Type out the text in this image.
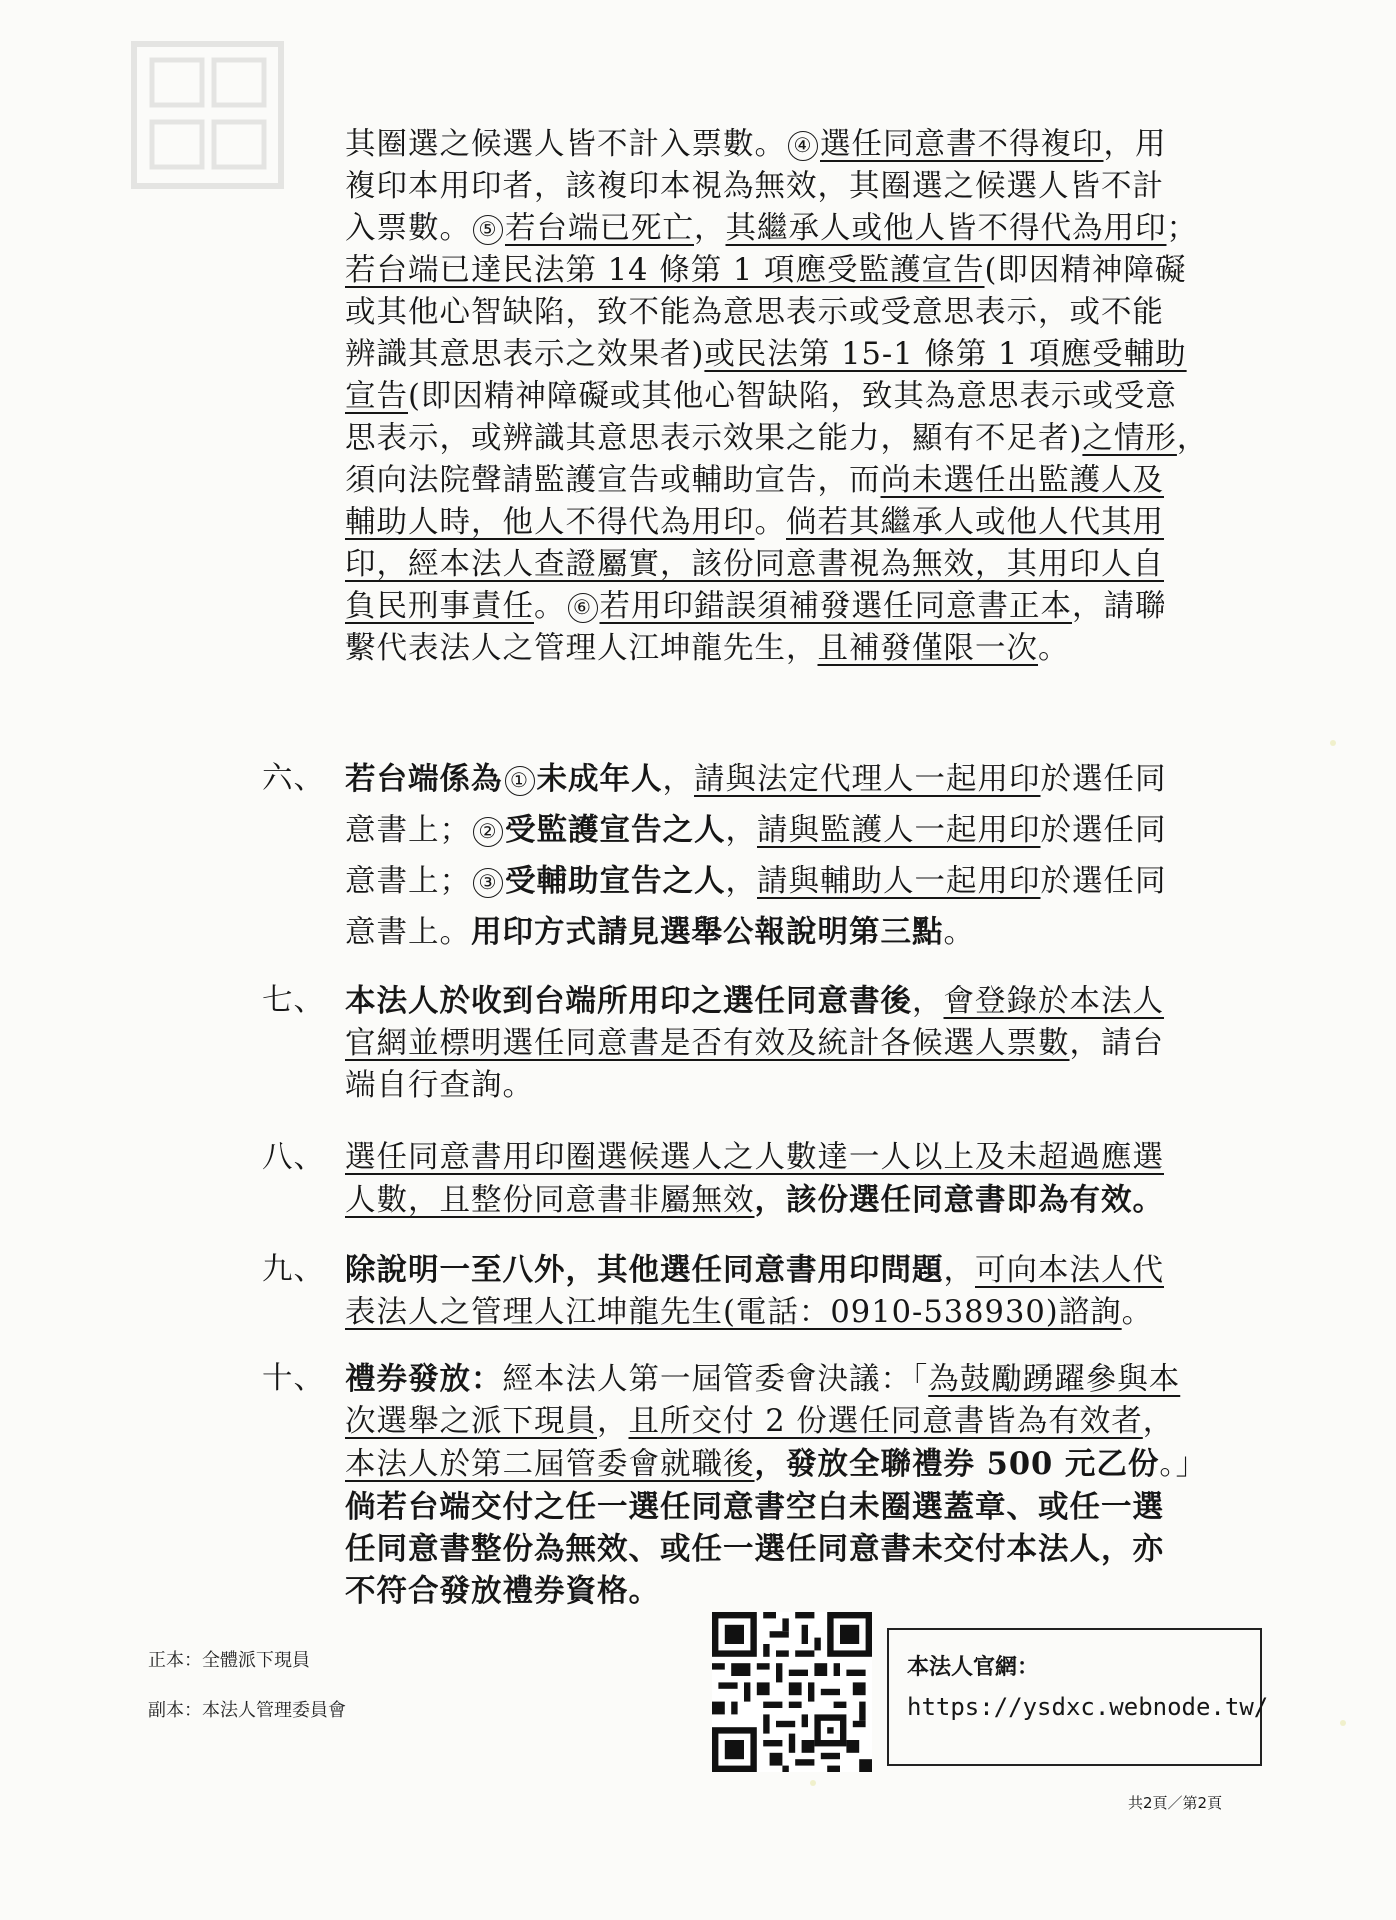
其圈選之候選人皆不計入票數。 ④ 選任同意書不得複印，用
複印本用印者，該複印本視為無效，其圈選之候選人皆不計
入票數。 ⑤ 若台端已死亡，其繼承人或他人皆不得代為用印；
若台端已達民法第 14 條第 1 項應受監護宣告(即因精神障礙
或其他心智缺陷，致不能為意思表示或受意思表示，或不能
辨識其意思表示之效果者)或民法第 15-1 條第 1 項應受輔助
宣告(即因精神障礙或其他心智缺陷，致其為意思表示或受意
思表示，或辨識其意思表示效果之能力，顯有不足者)之情形，
須向法院聲請監護宣告或輔助宣告，而尚未選任出監護人及
輔助人時，他人不得代為用印。倘若其繼承人或他人代其用
印，經本法人查證屬實，該份同意書視為無效，其用印人自
負民刑事責任。 ⑥ 若用印錯誤須補發選任同意書正本，請聯
繫代表法人之管理人江坤龍先生，且補發僅限一次。
六、 若台端係為 ① 未成年人，請與法定代理人一起用印於選任同
意書上； ② 受監護宣告之人，請與監護人一起用印於選任同
意書上； ③ 受輔助宣告之人，請與輔助人一起用印於選任同
意書上。用印方式請見選舉公報說明第三點。
七、 本法人於收到台端所用印之選任同意書後，會登錄於本法人
官網並標明選任同意書是否有效及統計各候選人票數，請台
端自行查詢。
八、 選任同意書用印圈選候選人之人數達一人以上及未超過應選
人數，且整份同意書非屬無效，該份選任同意書即為有效。
九、 除說明一至八外，其他選任同意書用印問題，可向本法人代
表法人之管理人江坤龍先生(電話：0910-538930)諮詢。
十、 禮券發放：經本法人第一屆管委會決議：「為鼓勵踴躍參與本
次選舉之派下現員，且所交付 2 份選任同意書皆為有效者，
本法人於第二屆管委會就職後，發放全聯禮券 500 元乙份。」
倘若台端交付之任一選任同意書空白未圈選蓋章、或任一選
任同意書整份為無效、或任一選任同意書未交付本法人，亦
不符合發放禮券資格。
正本：全體派下現員
副本：本法人管理委員會
本法人官網：
https://ysdxc.webnode.tw/
共2頁／第2頁
